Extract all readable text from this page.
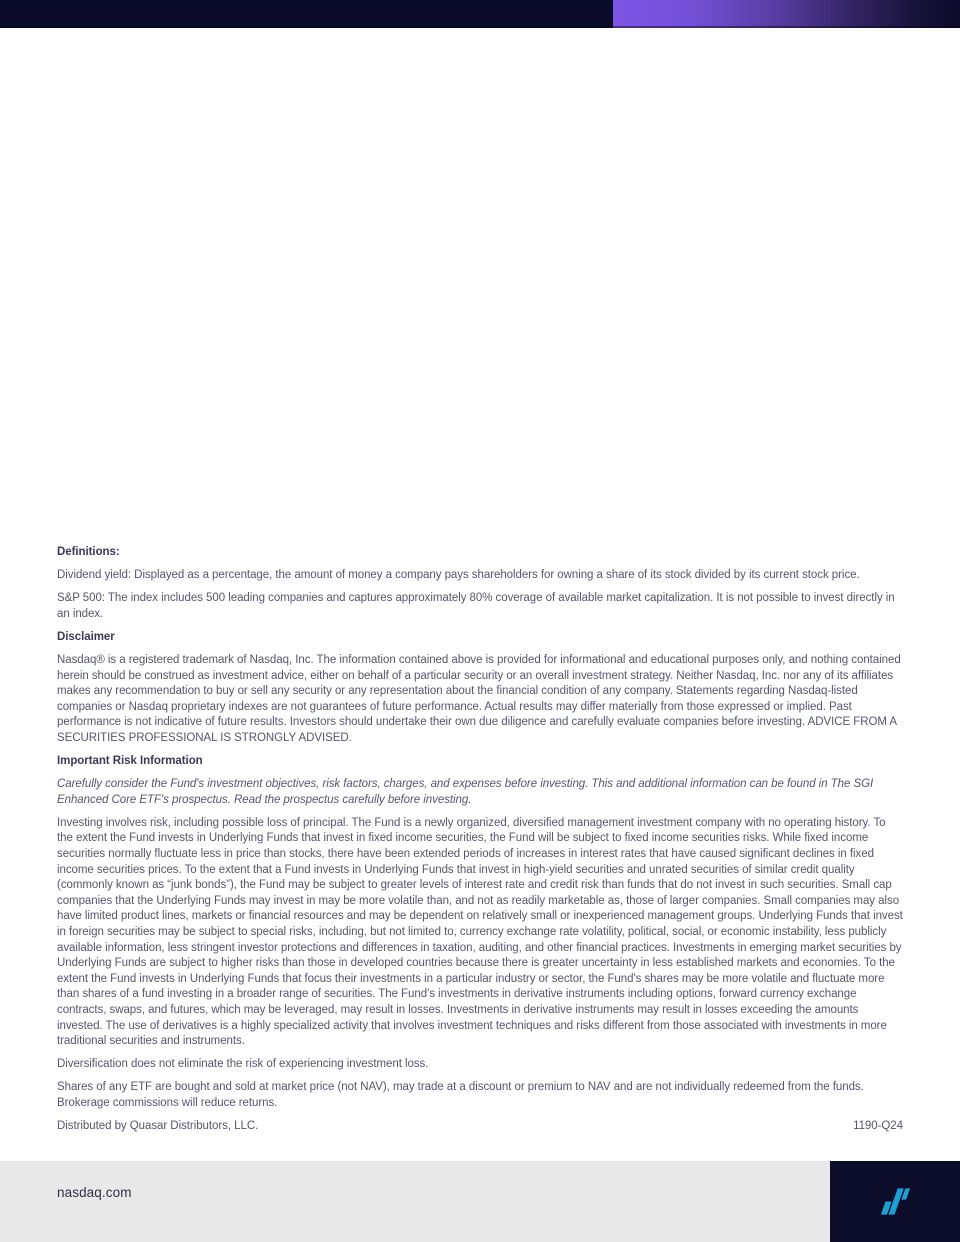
Definitions:

Dividend yield: Displayed as a percentage, the amount of money a company pays shareholders for owning a share of its stock divided by its current stock price.

S&P 500: The index includes 500 leading companies and captures approximately 80% coverage of available market capitalization. It is not possible to invest directly in an index.

Disclaimer

Nasdaq® is a registered trademark of Nasdaq, Inc. The information contained above is provided for informational and educational purposes only, and nothing contained herein should be construed as investment advice, either on behalf of a particular security or an overall investment strategy. Neither Nasdaq, Inc. nor any of its affiliates makes any recommendation to buy or sell any security or any representation about the financial condition of any company. Statements regarding Nasdaq-listed companies or Nasdaq proprietary indexes are not guarantees of future performance. Actual results may differ materially from those expressed or implied. Past performance is not indicative of future results. Investors should undertake their own due diligence and carefully evaluate companies before investing. ADVICE FROM A SECURITIES PROFESSIONAL IS STRONGLY ADVISED.

Important Risk Information

Carefully consider the Fund's investment objectives, risk factors, charges, and expenses before investing. This and additional information can be found in The SGI Enhanced Core ETF's prospectus. Read the prospectus carefully before investing.

Investing involves risk, including possible loss of principal. The Fund is a newly organized, diversified management investment company with no operating history. To the extent the Fund invests in Underlying Funds that invest in fixed income securities, the Fund will be subject to fixed income securities risks. While fixed income securities normally fluctuate less in price than stocks, there have been extended periods of increases in interest rates that have caused significant declines in fixed income securities prices. To the extent that a Fund invests in Underlying Funds that invest in high-yield securities and unrated securities of similar credit quality (commonly known as “junk bonds”), the Fund may be subject to greater levels of interest rate and credit risk than funds that do not invest in such securities. Small cap companies that the Underlying Funds may invest in may be more volatile than, and not as readily marketable as, those of larger companies. Small companies may also have limited product lines, markets or financial resources and may be dependent on relatively small or inexperienced management groups. Underlying Funds that invest in foreign securities may be subject to special risks, including, but not limited to, currency exchange rate volatility, political, social, or economic instability, less publicly available information, less stringent investor protections and differences in taxation, auditing, and other financial practices. Investments in emerging market securities by Underlying Funds are subject to higher risks than those in developed countries because there is greater uncertainty in less established markets and economies. To the extent the Fund invests in Underlying Funds that focus their investments in a particular industry or sector, the Fund's shares may be more volatile and fluctuate more than shares of a fund investing in a broader range of securities. The Fund's investments in derivative instruments including options, forward currency exchange contracts, swaps, and futures, which may be leveraged, may result in losses. Investments in derivative instruments may result in losses exceeding the amounts invested. The use of derivatives is a highly specialized activity that involves investment techniques and risks different from those associated with investments in more traditional securities and instruments.

Diversification does not eliminate the risk of experiencing investment loss.

Shares of any ETF are bought and sold at market price (not NAV), may trade at a discount or premium to NAV and are not individually redeemed from the funds. Brokerage commissions will reduce returns.

Distributed by Quasar Distributors, LLC.	1190-Q24
nasdaq.com
